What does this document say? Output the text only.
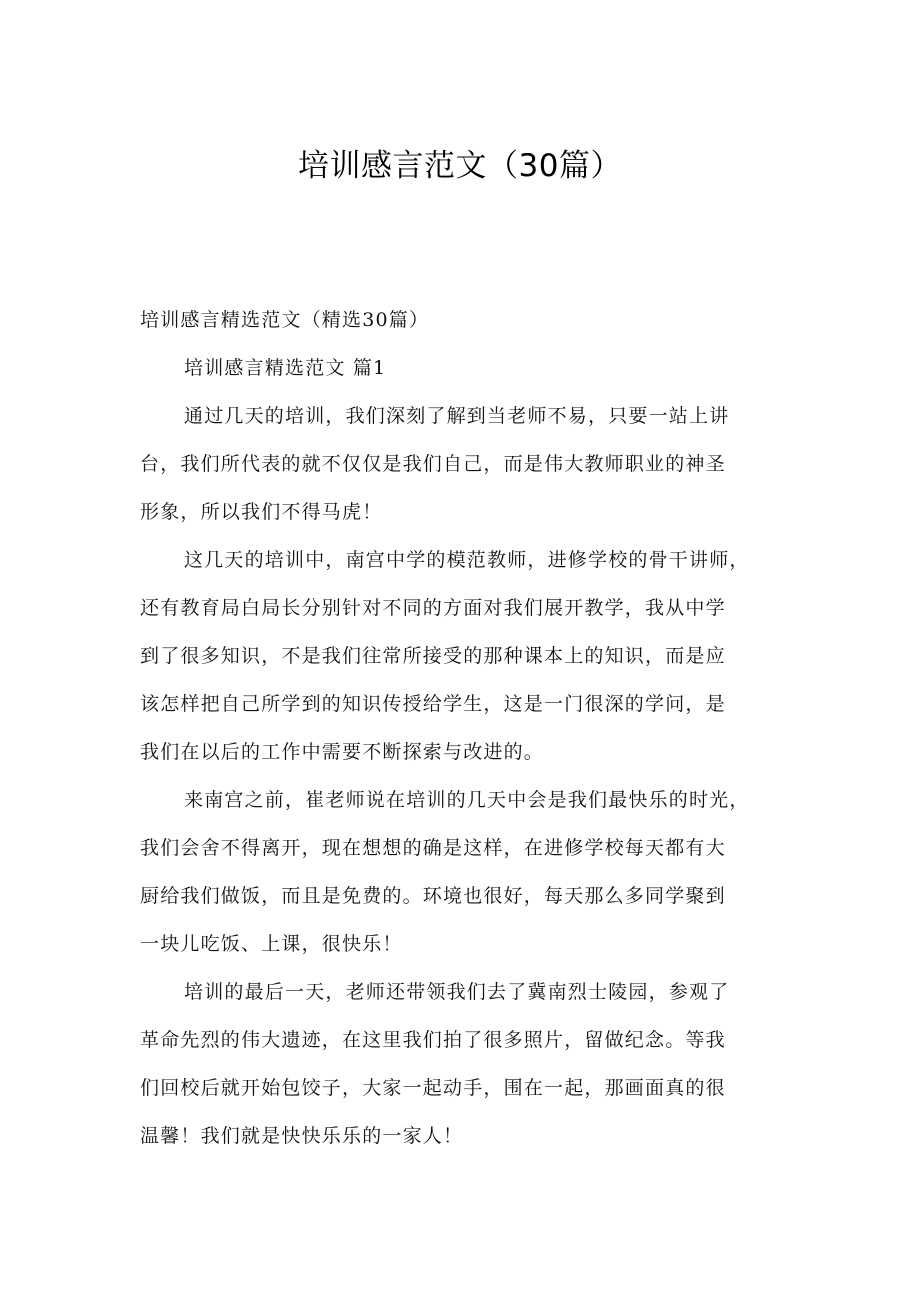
培训感言范文（30篇）
培训感言精选范文（精选30篇）
培训感言精选范文 篇1
通过几天的培训，我们深刻了解到当老师不易，只要一站上讲
台，我们所代表的就不仅仅是我们自己，而是伟大教师职业的神圣
形象，所以我们不得马虎！
这几天的培训中，南宫中学的模范教师，进修学校的骨干讲师，
还有教育局白局长分别针对不同的方面对我们展开教学，我从中学
到了很多知识，不是我们往常所接受的那种课本上的知识，而是应
该怎样把自己所学到的知识传授给学生，这是一门很深的学问，是
我们在以后的工作中需要不断探索与改进的。
来南宫之前，崔老师说在培训的几天中会是我们最快乐的时光，
我们会舍不得离开，现在想想的确是这样，在进修学校每天都有大
厨给我们做饭，而且是免费的。环境也很好，每天那么多同学聚到
一块儿吃饭、上课，很快乐！
培训的最后一天，老师还带领我们去了冀南烈士陵园，参观了
革命先烈的伟大遗迹，在这里我们拍了很多照片，留做纪念。等我
们回校后就开始包饺子，大家一起动手，围在一起，那画面真的很
温馨！我们就是快快乐乐的一家人！
